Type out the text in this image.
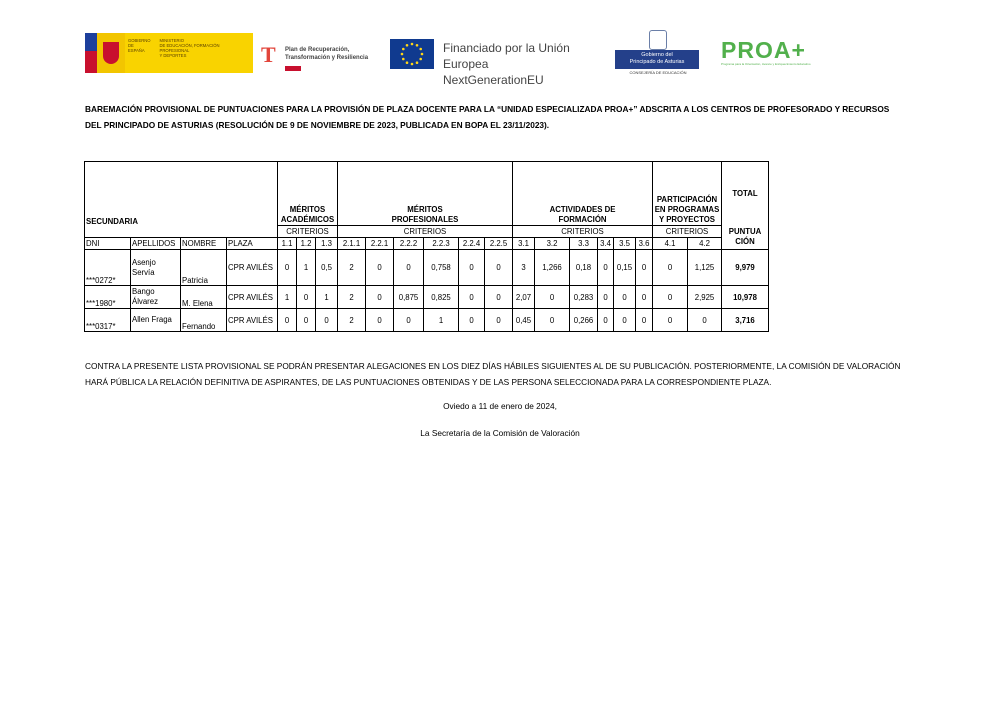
GOBIERNO
DE ESPAÑA
MINISTERIO
DE EDUCACIÓN, FORMACIÓN PROFESIONAL
Y DEPORTES	T Plan de Recuperación,
Transformación y Resiliencia
Financiado por la Unión Europea
NextGenerationEU
Gobierno del
Principado de Asturias
CONSEJERÍA DE EDUCACIÓN
PROA+
Programa para la Orientación, Avance y Enriquecimiento Educativo
BAREMACIÓN PROVISIONAL DE PUNTUACIONES PARA LA PROVISIÓN DE PLAZA DOCENTE PARA LA “UNIDAD ESPECIALIZADA PROA+” ADSCRITA A LOS CENTROS DE PROFESORADO Y RECURSOS DEL PRINCIPADO DE ASTURIAS (RESOLUCIÓN DE 9 DE NOVIEMBRE DE 2023, PUBLICADA EN BOPA EL 23/11/2023).
SECUNDARIA				MÉRITOS ACADÉMICOS			MÉRITOS PROFESIONALES						ACTIVIDADES DE FORMACIÓN						PARTICIPACIÓN EN PROGRAMAS Y PROYECTOS		TOTAL
				CRITERIOS			CRITERIOS						CRITERIOS						CRITERIOS		PUNTUA CIÓN
DNI	APELLIDOS	NOMBRE	PLAZA	1.1	1.2	1.3	2.1.1	2.2.1	2.2.2	2.2.3	2.2.4	2.2.5	3.1	3.2	3.3	3.4	3.5	3.6	4.1	4.2	
***0272*	Asenjo Servía	Patricia	CPR AVILÉS	0	1	0,5	2	0	0	0,758	0	0	3	1,266	0,18	0	0,15	0	0	1,125	9,979
***1980*	Bango Álvarez	M. Elena	CPR AVILÉS	1	0	1	2	0	0,875	0,825	0	0	2,07	0	0,283	0	0	0	0	2,925	10,978
***0317*	Allen Fraga	Fernando	CPR AVILÉS	0	0	0	2	0	0	1	0	0	0,45	0	0,266	0	0	0	0	0	3,716
CONTRA LA PRESENTE LISTA PROVISIONAL SE PODRÁN PRESENTAR ALEGACIONES EN LOS DIEZ DÍAS HÁBILES SIGUIENTES AL DE SU PUBLICACIÓN. POSTERIORMENTE, LA COMISIÓN DE VALORACIÓN HARÁ PÚBLICA LA RELACIÓN DEFINITIVA DE ASPIRANTES, DE LAS PUNTUACIONES OBTENIDAS Y DE LAS PERSONA SELECCIONADA PARA LA CORRESPONDIENTE PLAZA.
Oviedo a 11 de enero de 2024,
La Secretaría de la Comisión de Valoración
